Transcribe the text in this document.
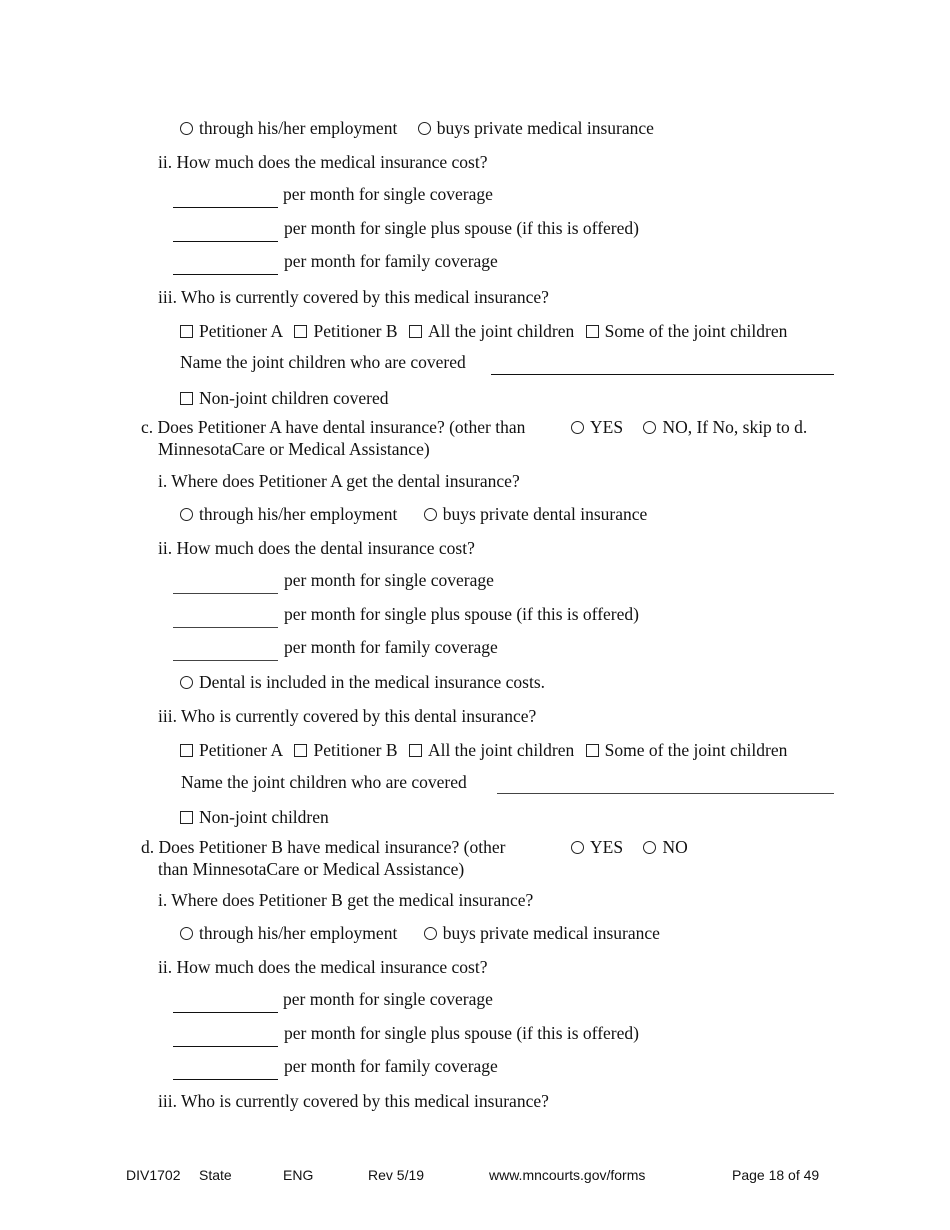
through his/her employment buys private medical insurance
ii. How much does the medical insurance cost?
per month for single coverage
per month for single plus spouse (if this is offered)
per month for family coverage
iii. Who is currently covered by this medical insurance?
Petitioner A Petitioner B All the joint children Some of the joint children
Name the joint children who are covered
Non-joint children covered
c. Does Petitioner A have dental insurance? (other than
MinnesotaCare or Medical Assistance)
YES NO, If No, skip to d.
i. Where does Petitioner A get the dental insurance?
through his/her employment	buys private dental insurance
ii. How much does the dental insurance cost?
per month for single coverage
per month for single plus spouse (if this is offered)
per month for family coverage
Dental is included in the medical insurance costs.
iii. Who is currently covered by this dental insurance?
Petitioner A Petitioner B All the joint children Some of the joint children
Name the joint children who are covered
Non-joint children
d. Does Petitioner B have medical insurance? (other
than MinnesotaCare or Medical Assistance)
YES NO
i. Where does Petitioner B get the medical insurance?
through his/her employment	buys private medical insurance
ii. How much does the medical insurance cost?
per month for single coverage
per month for single plus spouse (if this is offered)
per month for family coverage
iii. Who is currently covered by this medical insurance?
DIV1702 State	ENG	Rev 5/19	www.mncourts.gov/forms	Page 18 of 49
